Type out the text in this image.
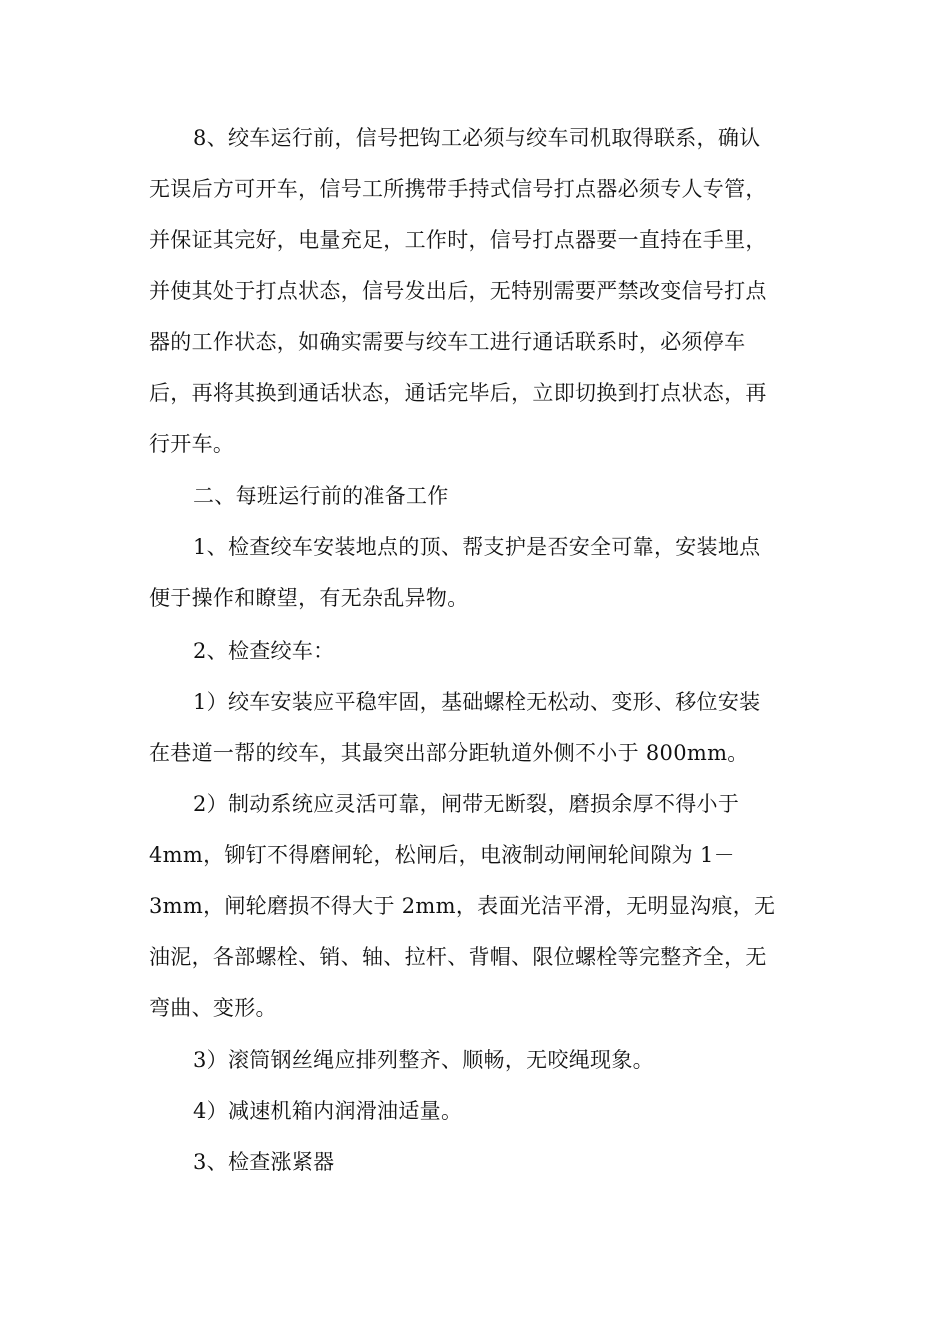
8、绞车运行前，信号把钩工必须与绞车司机取得联系，确认
无误后方可开车，信号工所携带手持式信号打点器必须专人专管，
并保证其完好，电量充足，工作时，信号打点器要一直持在手里，
并使其处于打点状态，信号发出后，无特别需要严禁改变信号打点
器的工作状态，如确实需要与绞车工进行通话联系时，必须停车
后，再将其换到通话状态，通话完毕后，立即切换到打点状态，再
行开车。
二、每班运行前的准备工作
1、检查绞车安装地点的顶、帮支护是否安全可靠，安装地点
便于操作和瞭望，有无杂乱异物。
2、检查绞车：
1）绞车安装应平稳牢固，基础螺栓无松动、变形、移位安装
在巷道一帮的绞车，其最突出部分距轨道外侧不小于 800mm。
2）制动系统应灵活可靠，闸带无断裂，磨损余厚不得小于
4mm，铆钉不得磨闸轮，松闸后，电液制动闸闸轮间隙为 1－
3mm，闸轮磨损不得大于 2mm，表面光洁平滑，无明显沟痕，无
油泥，各部螺栓、销、轴、拉杆、背帽、限位螺栓等完整齐全，无
弯曲、变形。
3）滚筒钢丝绳应排列整齐、顺畅，无咬绳现象。
4）减速机箱内润滑油适量。
3、检查涨紧器
